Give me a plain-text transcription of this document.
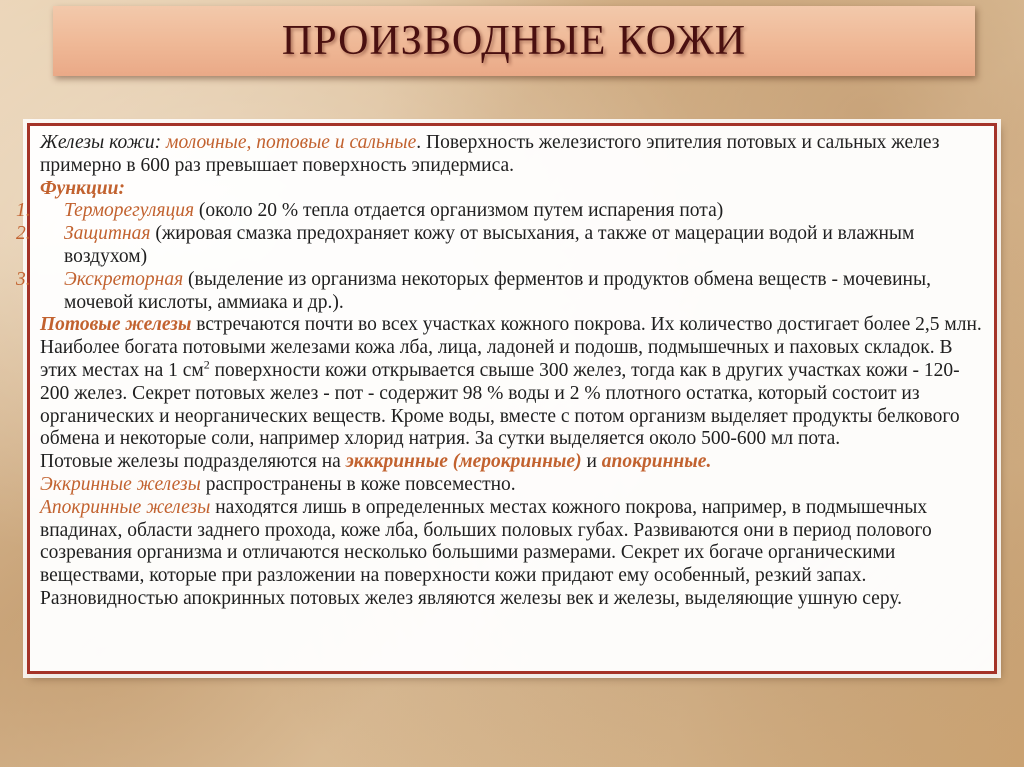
ПРОИЗВОДНЫЕ КОЖИ

Железы кожи: молочные, потовые и сальные. Поверхность железистого эпителия потовых и сальных желез примерно в 600 раз превышает поверхность эпидермиса.

Функции:

1. Терморегуляция (около 20 % тепла отдается организмом путем испарения пота)

2. Защитная (жировая смазка предохраняет кожу от высыхания, а также от мацерации водой и влажным воздухом)

3. Экскреторная (выделение из организма некоторых ферментов и продуктов обмена веществ - мочевины, мочевой кислоты, аммиака и др.).

Потовые железы встречаются почти во всех участках кожного покрова. Их количество достигает более 2,5 млн. Наиболее богата потовыми железами кожа лба, лица, ладоней и подошв, подмышечных и паховых складок. В этих местах на 1 $см^2$ поверхности кожи открывается свыше 300 желез, тогда как в других участках кожи - 120-200 желез. Секрет потовых желез - пот - содержит 98 % воды и 2 % плотного остатка, который состоит из органических и неорганических веществ. Кроме воды, вместе с потом организм выделяет продукты белкового обмена и некоторые соли, например хлорид натрия. За сутки выделяется около 500-600 мл пота.

Потовые железы подразделяются на экккринные (мерокринные) и апокринные.

Эккринные железы распространены в коже повсеместно.

Апокринные железы находятся лишь в определенных местах кожного покрова, например, в подмышечных впадинах, области заднего прохода, коже лба, больших половых губах. Развиваются они в период полового созревания организма и отличаются несколько большими размерами. Секрет их богаче органическими веществами, которые при разложении на поверхности кожи придают ему особенный, резкий запах. Разновидностью апокринных потовых желез являются железы век и железы, выделяющие ушную серу.
